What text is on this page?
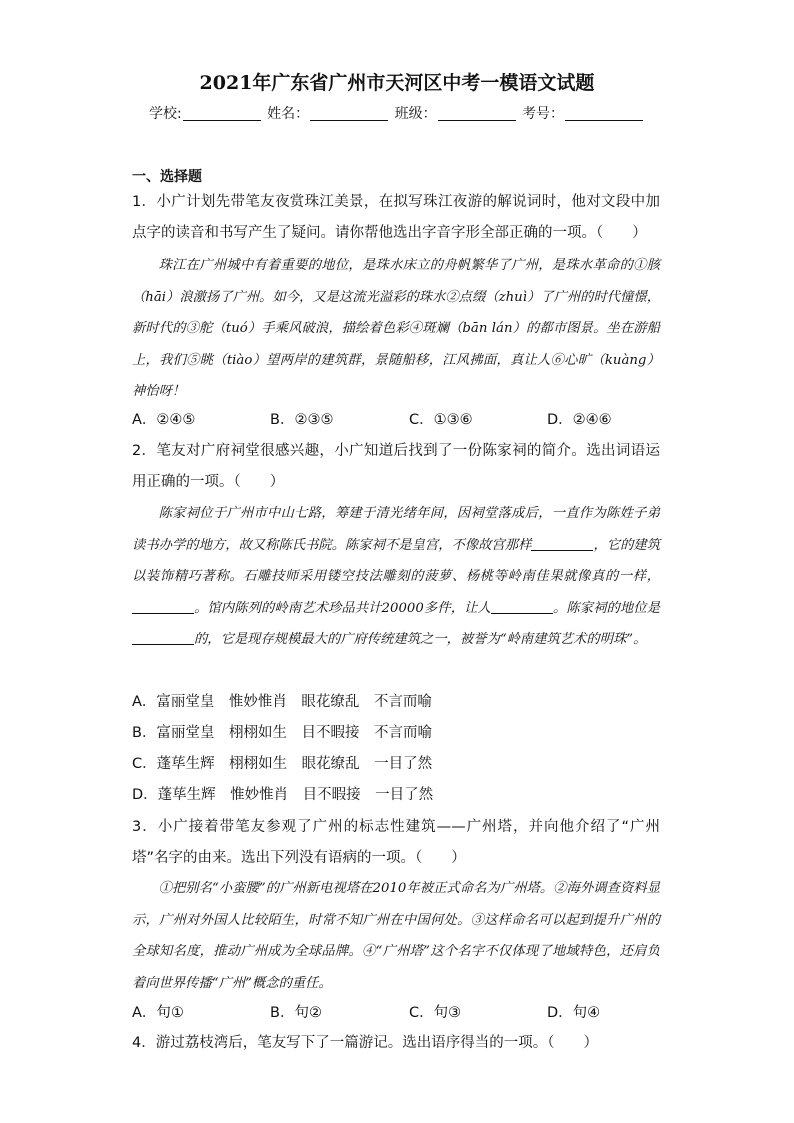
2021年广东省广州市天河区中考一模语文试题
学校:	姓名：	班级：	考号：
一、选择题
1．小广计划先带笔友夜赏珠江美景，在拟写珠江夜游的解说词时，他对文段中加点字的读音和书写产生了疑问。请你帮他选出字音字形全部正确的一项。（　　）

珠江在广州城中有着重要的地位，是珠水床立的舟帆繁华了广州，是珠水革命的①胲（hāi）浪激扬了广州。如今，又是这流光溢彩的珠水②点缀（zhuì）了广州的时代憧憬，新时代的③舵（tuó）手乘风破浪，描绘着色彩④斑斓（bān lán）的都市图景。坐在游船上，我们⑤眺（tiào）望两岸的建筑群，景随船移，江风拂面，真让人⑥心旷（kuàng）神怡呀！

A．②④⑤	B．②③⑤	C．①③⑥	D．②④⑥
2．笔友对广府祠堂很感兴趣，小广知道后找到了一份陈家祠的简介。选出词语运用正确的一项。（　　）

陈家祠位于广州市中山七路，筹建于清光绪年间，因祠堂落成后，一直作为陈姓子弟读书办学的地方，故又称陈氏书院。陈家祠不是皇宫，不像故宫那样	，它的建筑以装饰精巧著称。石雕技师采用镂空技法雕刻的菠萝、杨桃等岭南佳果就像真的一样，。馆内陈列的岭南艺术珍品共计20000多件，让人	。陈家祠的地位是的，它是现存规模最大的广府传统建筑之一，被誉为“岭南建筑艺术的明珠”。

A．富丽堂皇　惟妙惟肖　眼花缭乱　不言而喻
B．富丽堂皇　栩栩如生　目不暇接　不言而喻
C．蓬荜生辉　栩栩如生　眼花缭乱　一目了然
D．蓬荜生辉　惟妙惟肖　目不暇接　一目了然
3．小广接着带笔友参观了广州的标志性建筑——广州塔，并向他介绍了“广州塔”名字的由来。选出下列没有语病的一项。（　　）

①把别名“小蛮腰”的广州新电视塔在2010年被正式命名为广州塔。②海外调查资料显示，广州对外国人比较陌生，时常不知广州在中国何处。③这样命名可以起到提升广州的全球知名度，推动广州成为全球品牌。④“广州塔”这个名字不仅体现了地域特色，还肩负着向世界传播“广州”概念的重任。

A．句①	B．句②	C．句③	D．句④
4．游过荔枝湾后，笔友写下了一篇游记。选出语序得当的一项。（　　）
